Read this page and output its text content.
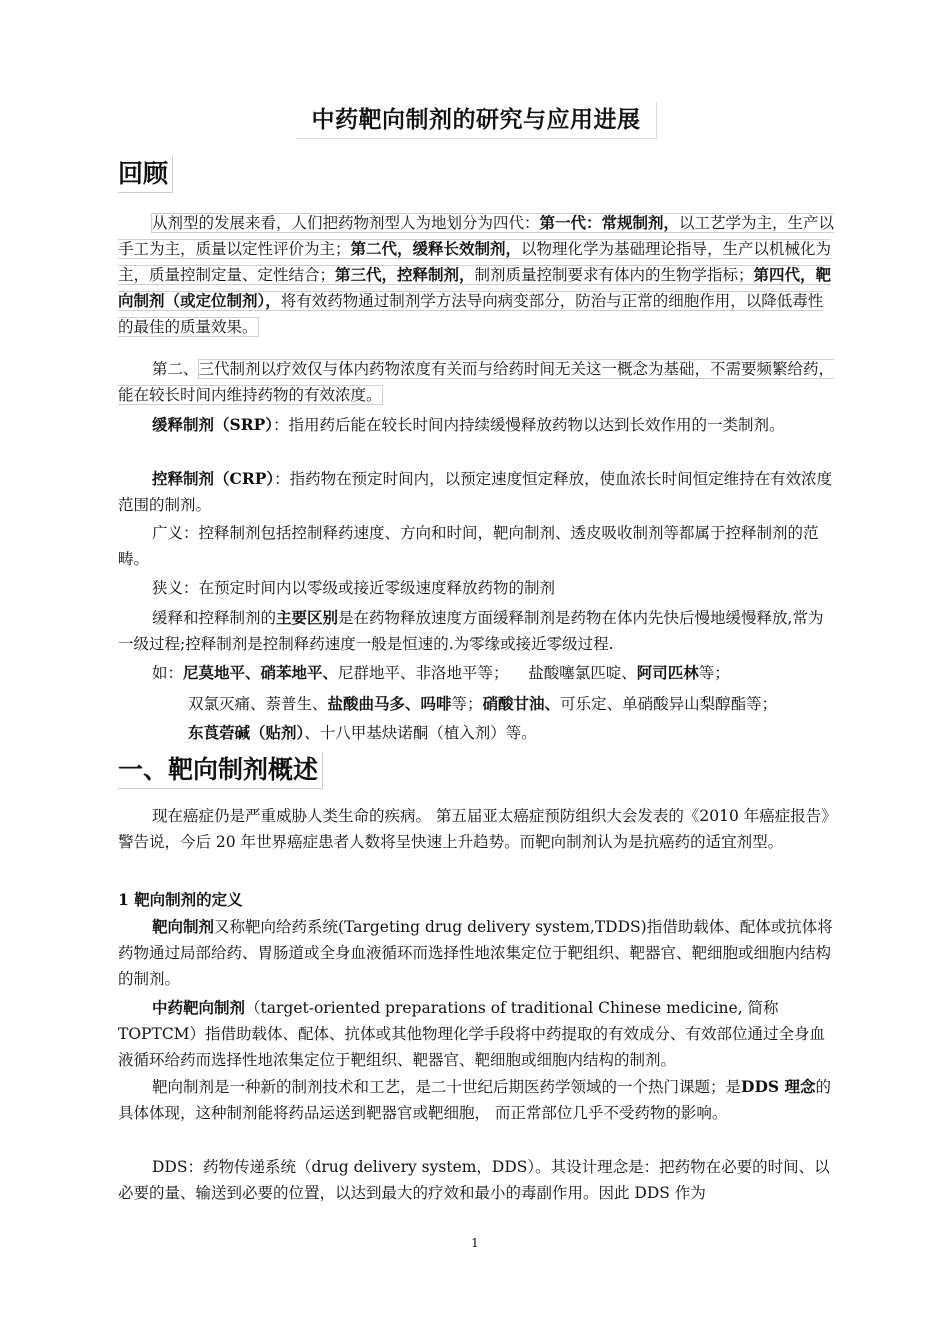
中药靶向制剂的研究与应用进展
回顾

从剂型的发展来看，人们把药物剂型人为地划分为四代：第一代：常规制剂，以工艺学为主，生产以手工为主，质量以定性评价为主；第二代，缓释长效制剂，以物理化学为基础理论指导，生产以机械化为主，质量控制定量、定性结合；第三代，控释制剂，制剂质量控制要求有体内的生物学指标；第四代，靶向制剂（或定位制剂），将有效药物通过制剂学方法导向病变部分，防治与正常的细胞作用，以降低毒性的最佳的质量效果。

第二、三代制剂以疗效仅与体内药物浓度有关而与给药时间无关这一概念为基础，不需要频繁给药，能在较长时间内维持药物的有效浓度。

缓释制剂（SRP）：指用药后能在较长时间内持续缓慢释放药物以达到长效作用的一类制剂。

控释制剂（CRP）：指药物在预定时间内，以预定速度恒定释放，使血浓长时间恒定维持在有效浓度范围的制剂。

广义：控释制剂包括控制释药速度、方向和时间，靶向制剂、透皮吸收制剂等都属于控释制剂的范畴。

狭义：在预定时间内以零级或接近零级速度释放药物的制剂

缓释和控释制剂的主要区别是在药物释放速度方面缓释制剂是药物在体内先快后慢地缓慢释放,常为一级过程;控释制剂是控制释药速度一般是恒速的.为零缘或接近零级过程.

如：尼莫地平、硝苯地平、尼群地平、非洛地平等； 盐酸噻氯匹啶、阿司匹林等；

双氯灭痛、萘普生、盐酸曲马多、吗啡等；硝酸甘油、可乐定、单硝酸异山梨醇酯等；

东莨菪碱（贴剂）、十八甲基炔诺酮（植入剂）等。

一、靶向制剂概述

现在癌症仍是严重威胁人类生命的疾病。 第五届亚太癌症预防组织大会发表的《2010 年癌症报告》警告说，今后 20 年世界癌症患者人数将呈快速上升趋势。而靶向制剂认为是抗癌药的适宜剂型。

1 靶向制剂的定义

靶向制剂又称靶向给药系统(Targeting drug delivery system,TDDS)指借助载体、配体或抗体将药物通过局部给药、胃肠道或全身血液循环而选择性地浓集定位于靶组织、靶器官、靶细胞或细胞内结构的制剂。

中药靶向制剂（target-oriented preparations of traditional Chinese medicine, 简称 TOPTCM）指借助载体、配体、抗体或其他物理化学手段将中药提取的有效成分、有效部位通过全身血液循环给药而选择性地浓集定位于靶组织、靶器官、靶细胞或细胞内结构的制剂。

靶向制剂是一种新的制剂技术和工艺，是二十世纪后期医药学领域的一个热门课题；是DDS 理念的具体体现，这种制剂能将药品运送到靶器官或靶细胞， 而正常部位几乎不受药物的影响。

DDS：药物传递系统（drug delivery system，DDS）。其设计理念是：把药物在必要的时间、以必要的量、输送到必要的位置，以达到最大的疗效和最小的毒副作用。因此 DDS 作为

1
